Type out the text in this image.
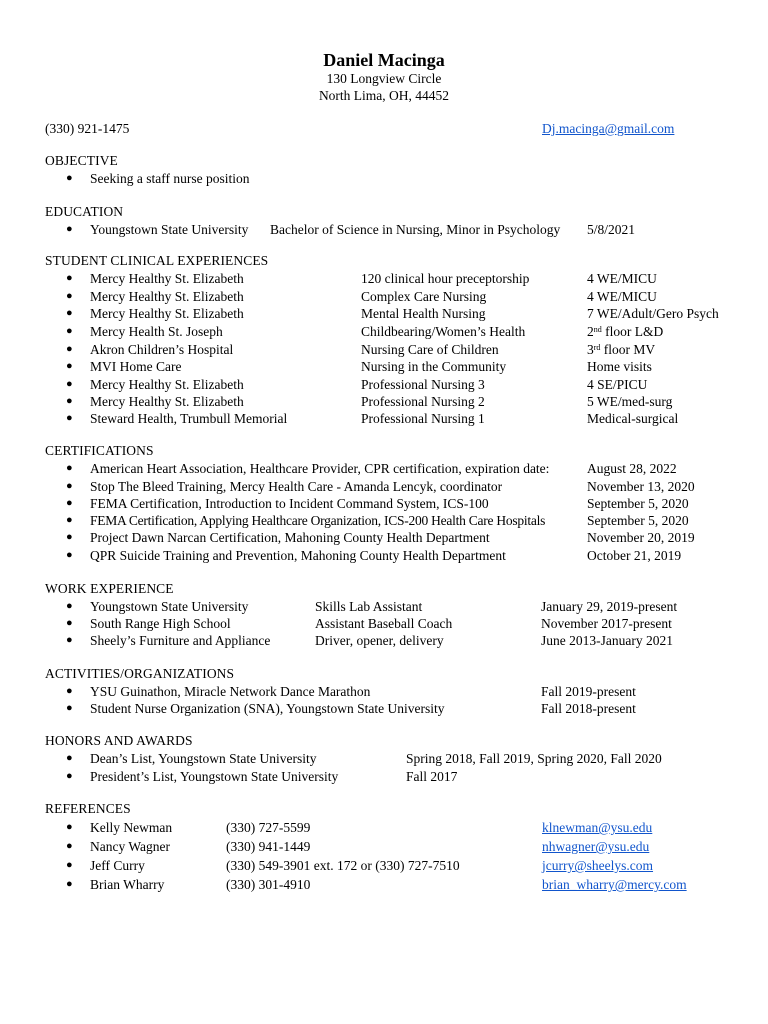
Daniel Macinga
130 Longview Circle
North Lima, OH, 44452
(330) 921-1475	Dj.macinga@gmail.com
OBJECTIVE
● Seeking a staff nurse position
EDUCATION
● Youngstown State University Bachelor of Science in Nursing, Minor in Psychology 5/8/2021
STUDENT CLINICAL EXPERIENCES
● Mercy Healthy St. Elizabeth	120 clinical hour preceptorship	4 WE/MICU
● Mercy Healthy St. Elizabeth	Complex Care Nursing	4 WE/MICU
● Mercy Healthy St. Elizabeth	Mental Health Nursing	7 WE/Adult/Gero Psych
● Mercy Health St. Joseph	Childbearing/Women’s Health	2nd floor L&D
● Akron Children’s Hospital	Nursing Care of Children	3rd floor MV
● MVI Home Care	Nursing in the Community	Home visits
● Mercy Healthy St. Elizabeth	Professional Nursing 3	4 SE/PICU
● Mercy Healthy St. Elizabeth	Professional Nursing 2	5 WE/med-surg
● Steward Health, Trumbull Memorial	Professional Nursing 1	Medical-surgical
CERTIFICATIONS
● American Heart Association, Healthcare Provider, CPR certification, expiration date:	August 28, 2022
● Stop The Bleed Training, Mercy Health Care - Amanda Lencyk, coordinator	November 13, 2020
● FEMA Certification, Introduction to Incident Command System, ICS-100	September 5, 2020
● FEMA Certification, Applying Healthcare Organization, ICS-200 Health Care Hospitals	September 5, 2020
● Project Dawn Narcan Certification, Mahoning County Health Department	November 20, 2019
● QPR Suicide Training and Prevention, Mahoning County Health Department	October 21, 2019
WORK EXPERIENCE
● Youngstown State University	Skills Lab Assistant	January 29, 2019-present
● South Range High School	Assistant Baseball Coach	November 2017-present
● Sheely’s Furniture and Appliance	Driver, opener, delivery	June 2013-January 2021
ACTIVITIES/ORGANIZATIONS
● YSU Guinathon, Miracle Network Dance Marathon	Fall 2019-present
● Student Nurse Organization (SNA), Youngstown State University	Fall 2018-present
HONORS AND AWARDS
● Dean’s List, Youngstown State University	Spring 2018, Fall 2019, Spring 2020, Fall 2020
● President’s List, Youngstown State University	Fall 2017
REFERENCES
● Kelly Newman	(330) 727-5599	klnewman@ysu.edu
● Nancy Wagner	(330) 941-1449	nhwagner@ysu.edu
● Jeff Curry	(330) 549-3901 ext. 172 or (330) 727-7510	jcurry@sheelys.com
● Brian Wharry	(330) 301-4910	brian_wharry@mercy.com
